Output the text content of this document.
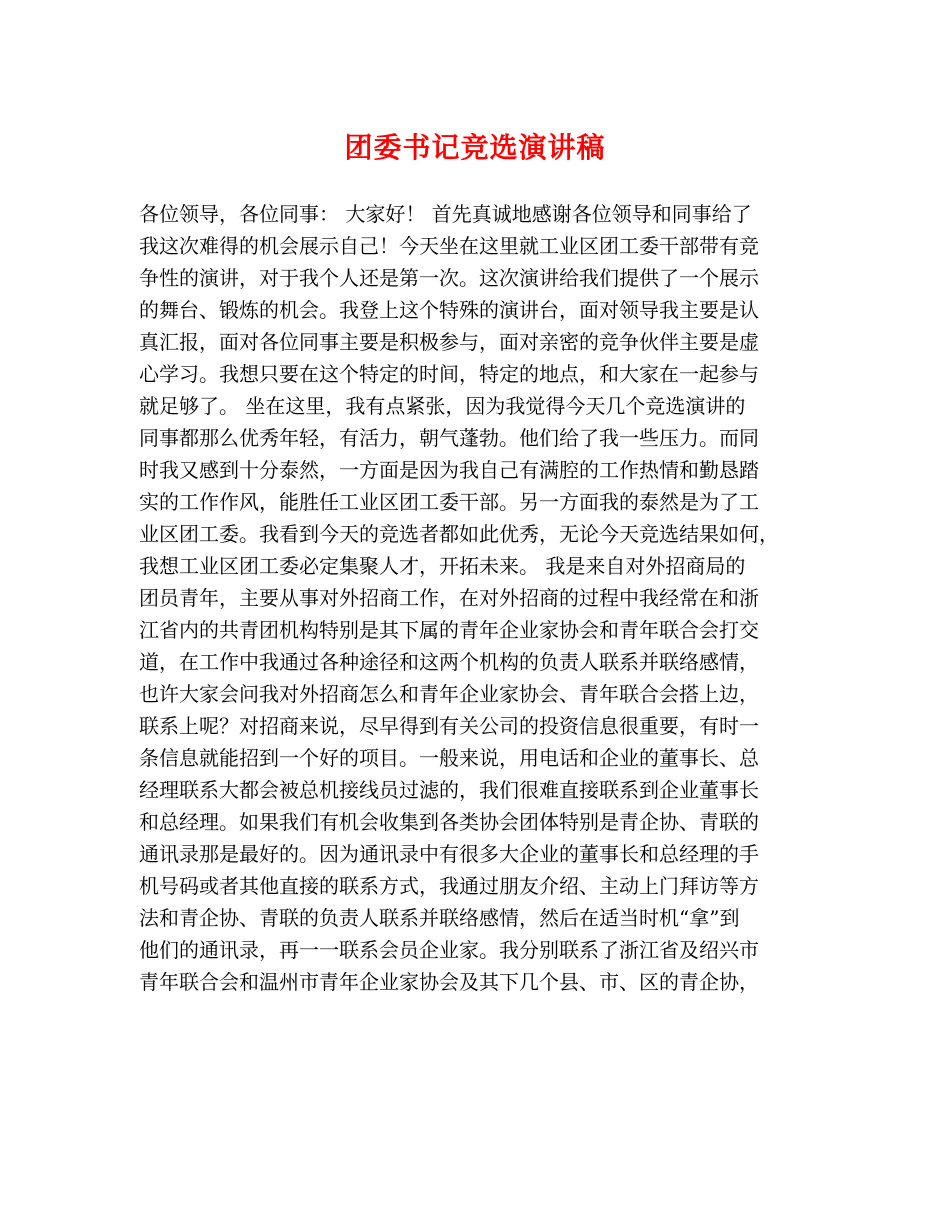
团委书记竞选演讲稿
各位领导，各位同事： 大家好！ 首先真诚地感谢各位领导和同事给了
我这次难得的机会展示自己！今天坐在这里就工业区团工委干部带有竞
争性的演讲，对于我个人还是第一次。这次演讲给我们提供了一个展示
的舞台、锻炼的机会。我登上这个特殊的演讲台，面对领导我主要是认
真汇报，面对各位同事主要是积极参与，面对亲密的竞争伙伴主要是虚
心学习。我想只要在这个特定的时间，特定的地点，和大家在一起参与
就足够了。 坐在这里，我有点紧张，因为我觉得今天几个竞选演讲的
同事都那么优秀年轻，有活力，朝气蓬勃。他们给了我一些压力。而同
时我又感到十分泰然，一方面是因为我自己有满腔的工作热情和勤恳踏
实的工作作风，能胜任工业区团工委干部。另一方面我的泰然是为了工
业区团工委。我看到今天的竞选者都如此优秀，无论今天竞选结果如何，
我想工业区团工委必定集聚人才，开拓未来。 我是来自对外招商局的
团员青年，主要从事对外招商工作，在对外招商的过程中我经常在和浙
江省内的共青团机构特别是其下属的青年企业家协会和青年联合会打交
道，在工作中我通过各种途径和这两个机构的负责人联系并联络感情，
也许大家会问我对外招商怎么和青年企业家协会、青年联合会搭上边，
联系上呢？对招商来说，尽早得到有关公司的投资信息很重要，有时一
条信息就能招到一个好的项目。一般来说，用电话和企业的董事长、总
经理联系大都会被总机接线员过滤的，我们很难直接联系到企业董事长
和总经理。如果我们有机会收集到各类协会团体特别是青企协、青联的
通讯录那是最好的。因为通讯录中有很多大企业的董事长和总经理的手
机号码或者其他直接的联系方式，我通过朋友介绍、主动上门拜访等方
法和青企协、青联的负责人联系并联络感情，然后在适当时机“拿”到
他们的通讯录，再一一联系会员企业家。我分别联系了浙江省及绍兴市
青年联合会和温州市青年企业家协会及其下几个县、市、区的青企协，
